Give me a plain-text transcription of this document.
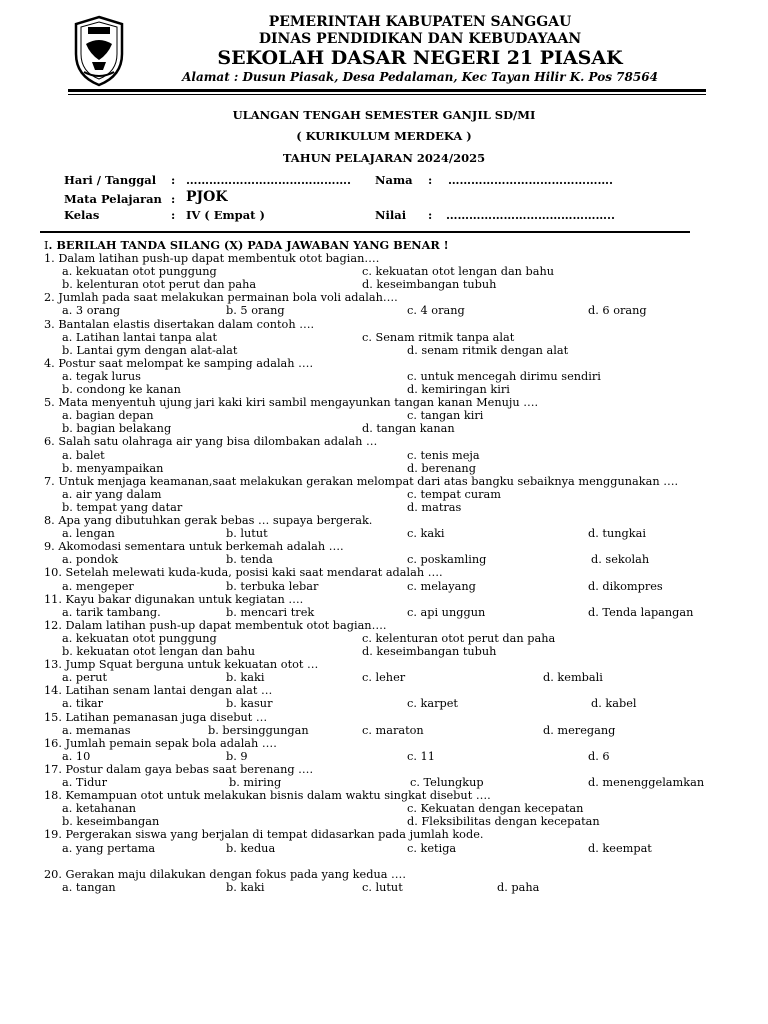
PEMERINTAH KABUPATEN SANGGAU
DINAS PENDIDIKAN DAN KEBUDAYAAN
SEKOLAH DASAR NEGERI 21 PIASAK
Alamat : Dusun Piasak, Desa Pedalaman, Kec Tayan Hilir K. Pos 78564
ULANGAN TENGAH SEMESTER GANJIL SD/MI
( KURIKULUM MERDEKA )
TAHUN PELAJARAN 2024/2025
Hari / Tanggal : ……………………………………. Nama : …………………………………….
Mata Pelajaran : PJOK
Kelas	: IV ( Empat )	Nilai : ……………………………………..
I. BERILAH TANDA SILANG (X) PADA JAWABAN YANG BENAR !
1. Dalam latihan push-up dapat membentuk otot bagian….
a. kekuatan otot punggung	c. kekuatan otot lengan dan bahu
b. kelenturan otot perut dan paha	d. keseimbangan tubuh
2. Jumlah pada saat melakukan permainan bola voli adalah….
a. 3 orang	b. 5 orang	c. 4 orang	d. 6 orang
3. Bantalan elastis disertakan dalam contoh ….
a. Latihan lantai tanpa alat	c. Senam ritmik tanpa alat
b. Lantai gym dengan alat-alat	d. senam ritmik dengan alat
4. Postur saat melompat ke samping adalah ….
a. tegak lurus	c. untuk mencegah dirimu sendiri
b. condong ke kanan	d. kemiringan kiri
5. Mata menyentuh ujung jari kaki kiri sambil mengayunkan tangan kanan Menuju ….
a. bagian depan	c. tangan kiri
b. bagian belakang	d. tangan kanan
6. Salah satu olahraga air yang bisa dilombakan adalah …
a. balet	c. tenis meja
b. menyampaikan	d. berenang
7. Untuk menjaga keamanan,saat melakukan gerakan melompat dari atas bangku sebaiknya menggunakan ….
a. air yang dalam	c. tempat curam
b. tempat yang datar	d. matras
8. Apa yang dibutuhkan gerak bebas … supaya bergerak.
a. lengan	b. lutut	c. kaki	d. tungkai
9. Akomodasi sementara untuk berkemah adalah ….
a. pondok	b. tenda	c. poskamling	d. sekolah
10. Setelah melewati kuda-kuda, posisi kaki saat mendarat adalah ….
a. mengeper	b. terbuka lebar	c. melayang	d. dikompres
11. Kayu bakar digunakan untuk kegiatan ….
a. tarik tambang.	b. mencari trek	c. api unggun	d. Tenda lapangan
12. Dalam latihan push-up dapat membentuk otot bagian….
a. kekuatan otot punggung	c. kelenturan otot perut dan paha
b. kekuatan otot lengan dan bahu	d. keseimbangan tubuh
13. Jump Squat berguna untuk kekuatan otot …
a. perut	b. kaki	c. leher	d. kembali
14. Latihan senam lantai dengan alat …
a. tikar	b. kasur	c. karpet	d. kabel
15. Latihan pemanasan juga disebut …
a. memanas	b. bersinggungan	c. maraton	d. meregang
16. Jumlah pemain sepak bola adalah ….
a. 10	b. 9	c. 11	d. 6
17. Postur dalam gaya bebas saat berenang ….
a. Tidur	b. miring	c. Telungkup	d. menenggelamkan
18. Kemampuan otot untuk melakukan bisnis dalam waktu singkat disebut ….
a. ketahanan	c. Kekuatan dengan kecepatan
b. keseimbangan	d. Fleksibilitas dengan kecepatan
19. Pergerakan siswa yang berjalan di tempat didasarkan pada jumlah kode.
a. yang pertama	b. kedua	c. ketiga	d. keempat
20. Gerakan maju dilakukan dengan fokus pada yang kedua ….
a. tangan	b. kaki	c. lutut	d. paha
